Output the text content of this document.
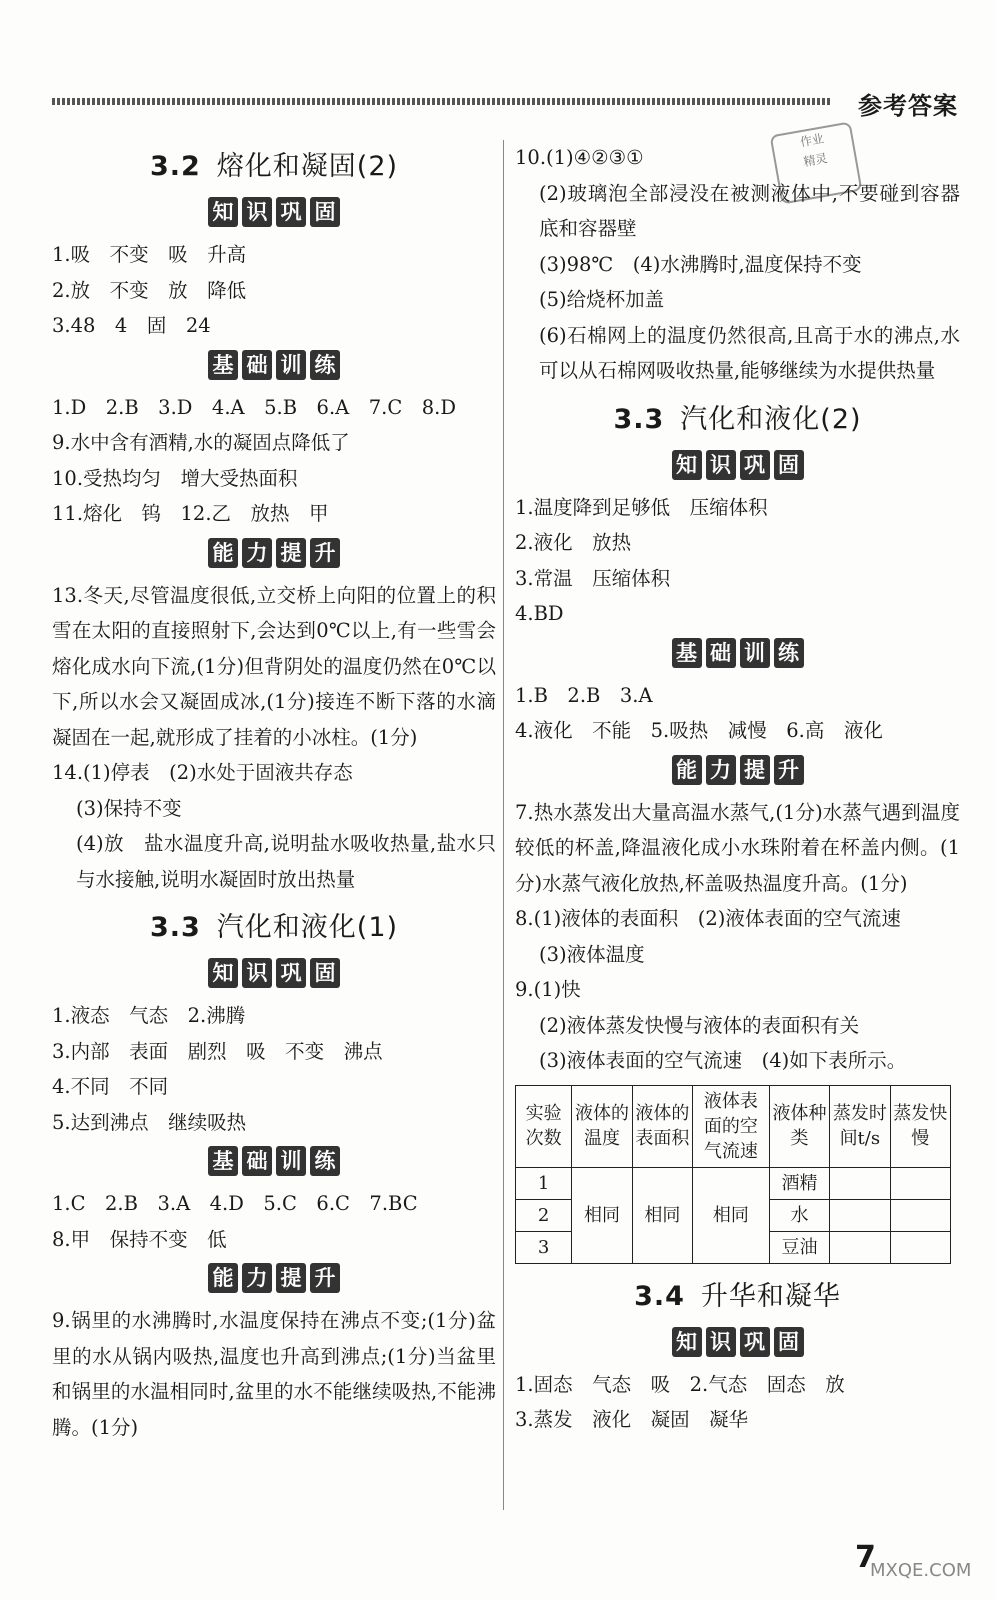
参考答案
作业
精灵
3.2 熔化和凝固(2)
知 识 巩 固
1.吸　不变　吸　升高
2.放　不变　放　降低
3.48　4　固　24
基 础 训 练
1.D　2.B　3.D　4.A　5.B　6.A　7.C　8.D
9.水中含有酒精,水的凝固点降低了
10.受热均匀　增大受热面积
11.熔化　钨　12.乙　放热　甲
能 力 提 升
13.冬天,尽管温度很低,立交桥上向阳的位置上的积雪在太阳的直接照射下,会达到0℃以上,有一些雪会熔化成水向下流,(1分)但背阴处的温度仍然在0℃以下,所以水会又凝固成冰,(1分)接连不断下落的水滴凝固在一起,就形成了挂着的小冰柱。(1分)
14.(1)停表　(2)水处于固液共存态
(3)保持不变
(4)放　盐水温度升高,说明盐水吸收热量,盐水只与水接触,说明水凝固时放出热量
3.3 汽化和液化(1)
知 识 巩 固
1.液态　气态　2.沸腾
3.内部　表面　剧烈　吸　不变　沸点
4.不同　不同
5.达到沸点　继续吸热
基 础 训 练
1.C　2.B　3.A　4.D　5.C　6.C　7.BC
8.甲　保持不变　低
能 力 提 升
9.锅里的水沸腾时,水温度保持在沸点不变;(1分)盆里的水从锅内吸热,温度也升高到沸点;(1分)当盆里和锅里的水温相同时,盆里的水不能继续吸热,不能沸腾。(1分)
10.(1)④②③①
(2)玻璃泡全部浸没在被测液体中,不要碰到容器底和容器壁
(3)98℃　(4)水沸腾时,温度保持不变
(5)给烧杯加盖
(6)石棉网上的温度仍然很高,且高于水的沸点,水可以从石棉网吸收热量,能够继续为水提供热量
3.3 汽化和液化(2)
知 识 巩 固
1.温度降到足够低　压缩体积
2.液化　放热
3.常温　压缩体积
4.BD
基 础 训 练
1.B　2.B　3.A
4.液化　不能　5.吸热　减慢　6.高　液化
能 力 提 升
7.热水蒸发出大量高温水蒸气,(1分)水蒸气遇到温度较低的杯盖,降温液化成小水珠附着在杯盖内侧。(1分)水蒸气液化放热,杯盖吸热温度升高。(1分)
8.(1)液体的表面积　(2)液体表面的空气流速
(3)液体温度
9.(1)快
(2)液体蒸发快慢与液体的表面积有关
(3)液体表面的空气流速　(4)如下表所示。
实验次数	液体的温度	液体的表面积	液体表面的空气流速	液体种类	蒸发时间t/s	蒸发快慢
1	相同	相同	相同	酒精		
2				水		
3				豆油		
3.4 升华和凝华
知 识 巩 固
1.固态　气态　吸　2.气态　固态　放
3.蒸发　液化　凝固　凝华
7
MXQE.COM
